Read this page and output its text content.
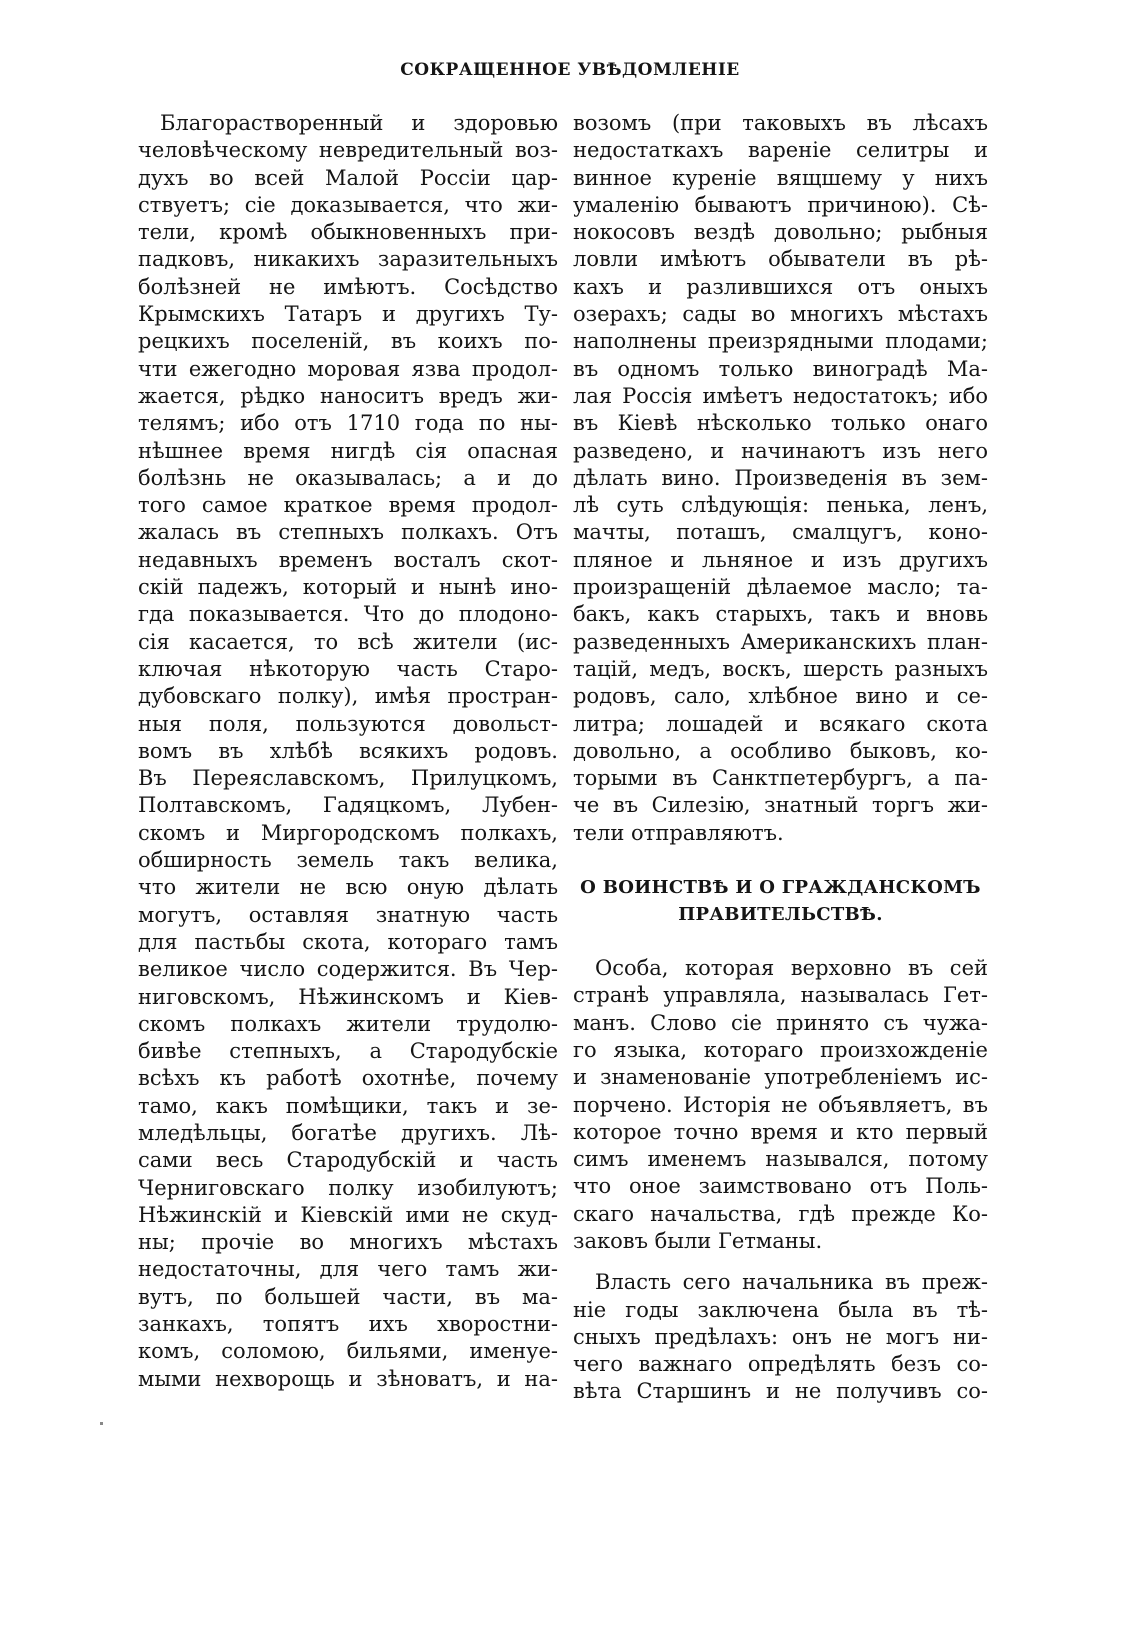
СОКРАЩЕННОЕ УВѢДОМЛЕНІЕ
Благорастворенный и здоровью
человѣческому невредительный воз-
духъ во всей Малой Россіи цар-
ствуетъ; сіе доказывается, что жи-
тели, кромѣ обыкновенныхъ при-
падковъ, никакихъ заразительныхъ
болѣзней не имѣютъ. Сосѣдство
Крымскихъ Татаръ и другихъ Ту-
рецкихъ поселеній, въ коихъ по-
чти ежегодно моровая язва продол-
жается, рѣдко наноситъ вредъ жи-
телямъ; ибо отъ 1710 года по ны-
нѣшнее время нигдѣ сія опасная
болѣзнь не оказывалась; а и до
того самое краткое время продол-
жалась въ степныхъ полкахъ. Отъ
недавныхъ временъ восталъ скот-
скій падежъ, который и нынѣ ино-
гда показывается. Что до плодоно-
сія касается, то всѣ жители (ис-
ключая нѣкоторую часть Старо-
дубовскаго полку), имѣя простран-
ныя поля, пользуются довольст-
вомъ въ хлѣбѣ всякихъ родовъ.
Въ Переяславскомъ, Прилуцкомъ,
Полтавскомъ, Гадяцкомъ, Лубен-
скомъ и Миргородскомъ полкахъ,
обширность земель такъ велика,
что жители не всю оную дѣлать
могутъ, оставляя знатную часть
для пастьбы скота, котораго тамъ
великое число содержится. Въ Чер-
ниговскомъ, Нѣжинскомъ и Кіев-
скомъ полкахъ жители трудолю-
бивѣе степныхъ, а Стародубскіе
всѣхъ къ работѣ охотнѣе, почему
тамо, какъ помѣщики, такъ и зе-
мледѣльцы, богатѣе другихъ. Лѣ-
сами весь Стародубскій и часть
Черниговскаго полку изобилуютъ;
Нѣжинскій и Кіевскій ими не скуд-
ны; прочіе во многихъ мѣстахъ
недостаточны, для чего тамъ жи-
вутъ, по большей части, въ ма-
занкахъ, топятъ ихъ хворостни-
комъ, соломою, бильями, именуе-
мыми нехворощь и зѣноватъ, и на-
возомъ (при таковыхъ въ лѣсахъ
недостаткахъ вареніе селитры и
винное куреніе вящшему у нихъ
умаленію бываютъ причиною). Сѣ-
нокосовъ вездѣ довольно; рыбныя
ловли имѣютъ обыватели въ рѣ-
кахъ и разлившихся отъ оныхъ
озерахъ; сады во многихъ мѣстахъ
наполнены преизрядными плодами;
въ одномъ только виноградѣ Ма-
лая Россія имѣетъ недостатокъ; ибо
въ Кіевѣ нѣсколько только онаго
разведено, и начинаютъ изъ него
дѣлать вино. Произведенія въ зем-
лѣ суть слѣдующія: пенька, ленъ,
мачты, поташъ, смалцугъ, коно-
пляное и льняное и изъ другихъ
произращеній дѣлаемое масло; та-
бакъ, какъ старыхъ, такъ и вновь
разведенныхъ Американскихъ план-
тацій, медъ, воскъ, шерсть разныхъ
родовъ, сало, хлѣбное вино и се-
литра; лошадей и всякаго скота
довольно, а особливо быковъ, ко-
торыми въ Санктпетербургъ, а па-
че въ Силезію, знатный торгъ жи-
тели отправляютъ.
О ВОИНСТВѢ И О ГРАЖДАНСКОМЪ
ПРАВИТЕЛЬСТВѢ.
Особа, которая верховно въ сей
странѣ управляла, называлась Гет-
манъ. Слово сіе принято съ чужа-
го языка, котораго произхожденіе
и знаменованіе употребленіемъ ис-
порчено. Исторія не объявляетъ, въ
которое точно время и кто первый
симъ именемъ назывался, потому
что оное заимствовано отъ Поль-
скаго начальства, гдѣ прежде Ко-
заковъ были Гетманы.
Власть сего начальника въ преж-
ніе годы заключена была въ тѣ-
сныхъ предѣлахъ: онъ не могъ ни-
чего важнаго опредѣлять безъ со-
вѣта Старшинъ и не получивъ со-
